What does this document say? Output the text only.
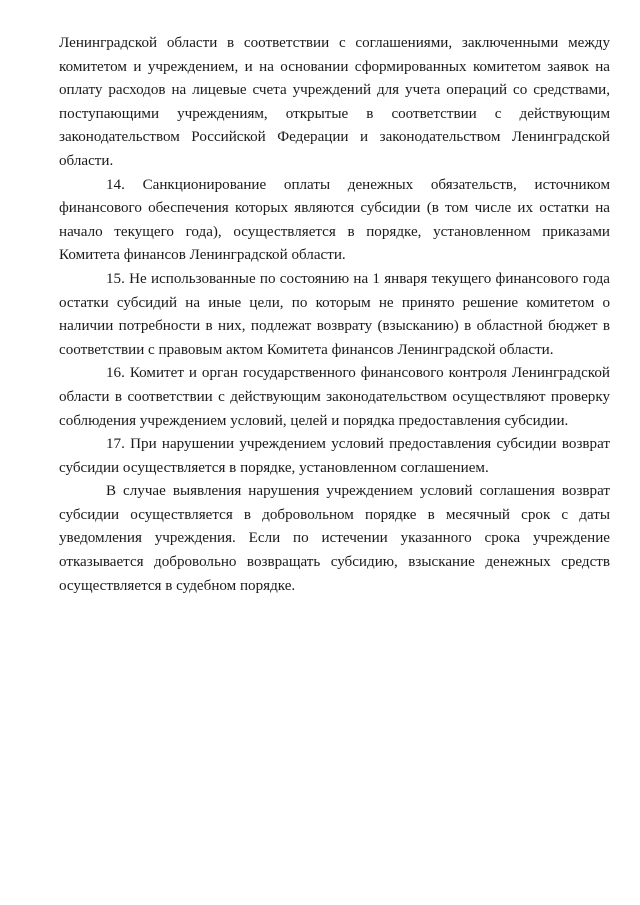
Ленинградской области в соответствии с соглашениями, заключенными между комитетом и учреждением, и на основании сформированных комитетом заявок на оплату расходов на лицевые счета учреждений для учета операций со средствами, поступающими учреждениям, открытые в соответствии с действующим законодательством Российской Федерации и законодательством Ленинградской области.

14. Санкционирование оплаты денежных обязательств, источником финансового обеспечения которых являются субсидии (в том числе их остатки на начало текущего года), осуществляется в порядке, установленном приказами Комитета финансов Ленинградской области.

15. Не использованные по состоянию на 1 января текущего финансового года остатки субсидий на иные цели, по которым не принято решение комитетом о наличии потребности в них, подлежат возврату (взысканию) в областной бюджет в соответствии с правовым актом Комитета финансов Ленинградской области.

16. Комитет и орган государственного финансового контроля Ленинградской области в соответствии с действующим законодательством осуществляют проверку соблюдения учреждением условий, целей и порядка предоставления субсидии.

17. При нарушении учреждением условий предоставления субсидии возврат субсидии осуществляется в порядке, установленном соглашением.

В случае выявления нарушения учреждением условий соглашения возврат субсидии осуществляется в добровольном порядке в месячный срок с даты уведомления учреждения. Если по истечении указанного срока учреждение отказывается добровольно возвращать субсидию, взыскание денежных средств осуществляется в судебном порядке.
